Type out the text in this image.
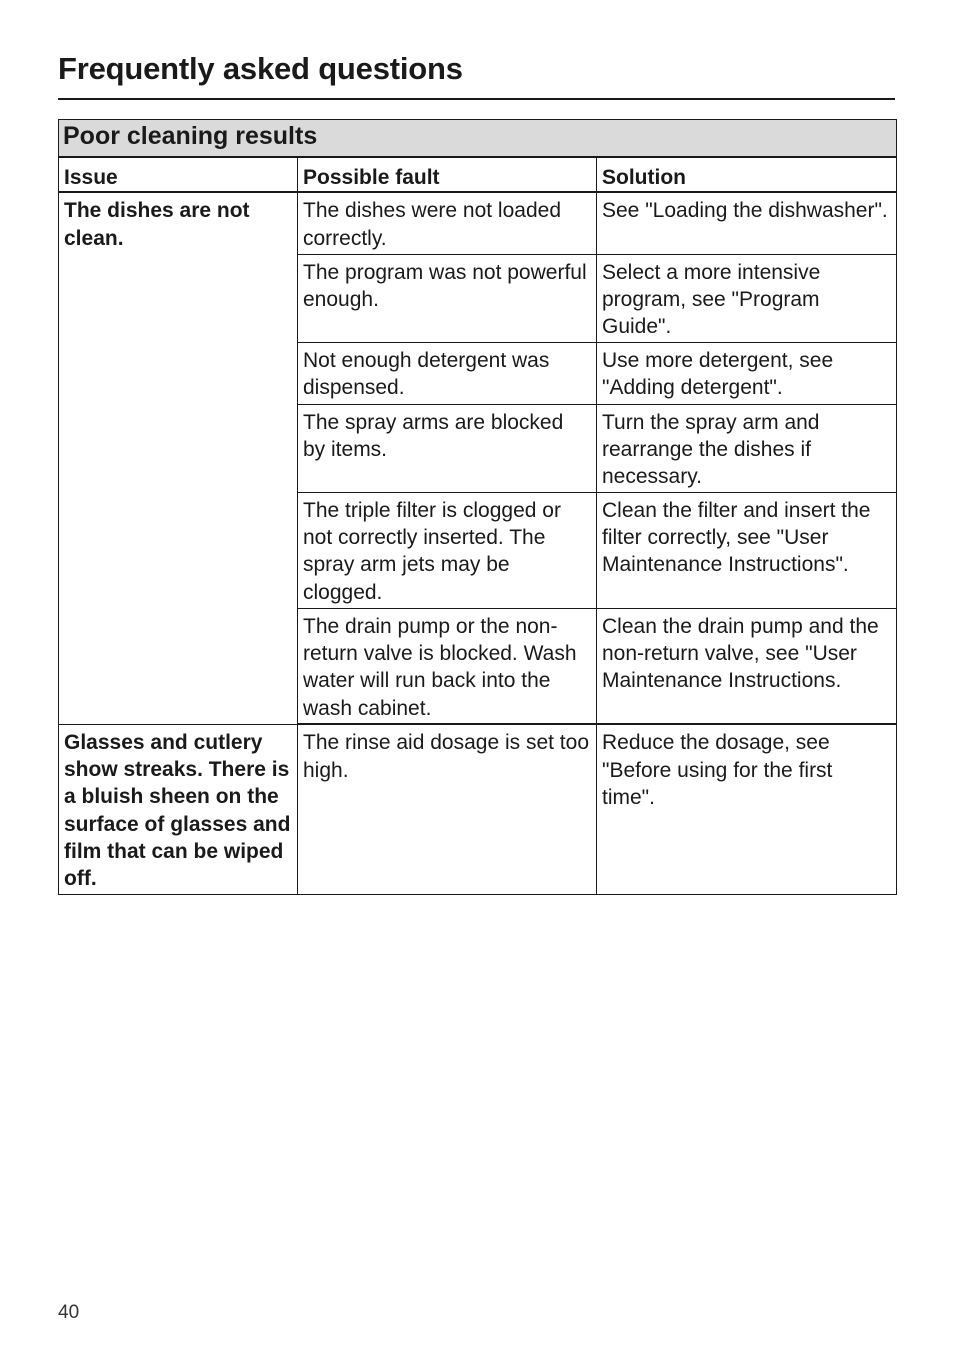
Frequently asked questions
Poor cleaning results		

Issue	Possible fault	Solution
The dishes are not clean.	The dishes were not loaded correctly.	See "Loading the dishwasher".
	The program was not powerful enough.	Select a more intensive program, see "Program Guide".
	Not enough detergent was dispensed.	Use more detergent, see "Adding detergent".
	The spray arms are blocked by items.	Turn the spray arm and rearrange the dishes if necessary.
	The triple filter is clogged or not correctly inserted. The spray arm jets may be clogged.	Clean the filter and insert the filter correctly, see "User Maintenance Instructions".
	The drain pump or the non-return valve is blocked. Wash water will run back into the wash cabinet.	Clean the drain pump and the non-return valve, see "User Maintenance Instructions.
Glasses and cutlery show streaks. There is a bluish sheen on the surface of glasses and film that can be wiped off.	The rinse aid dosage is set too high.	Reduce the dosage, see "Before using for the first time".
40
